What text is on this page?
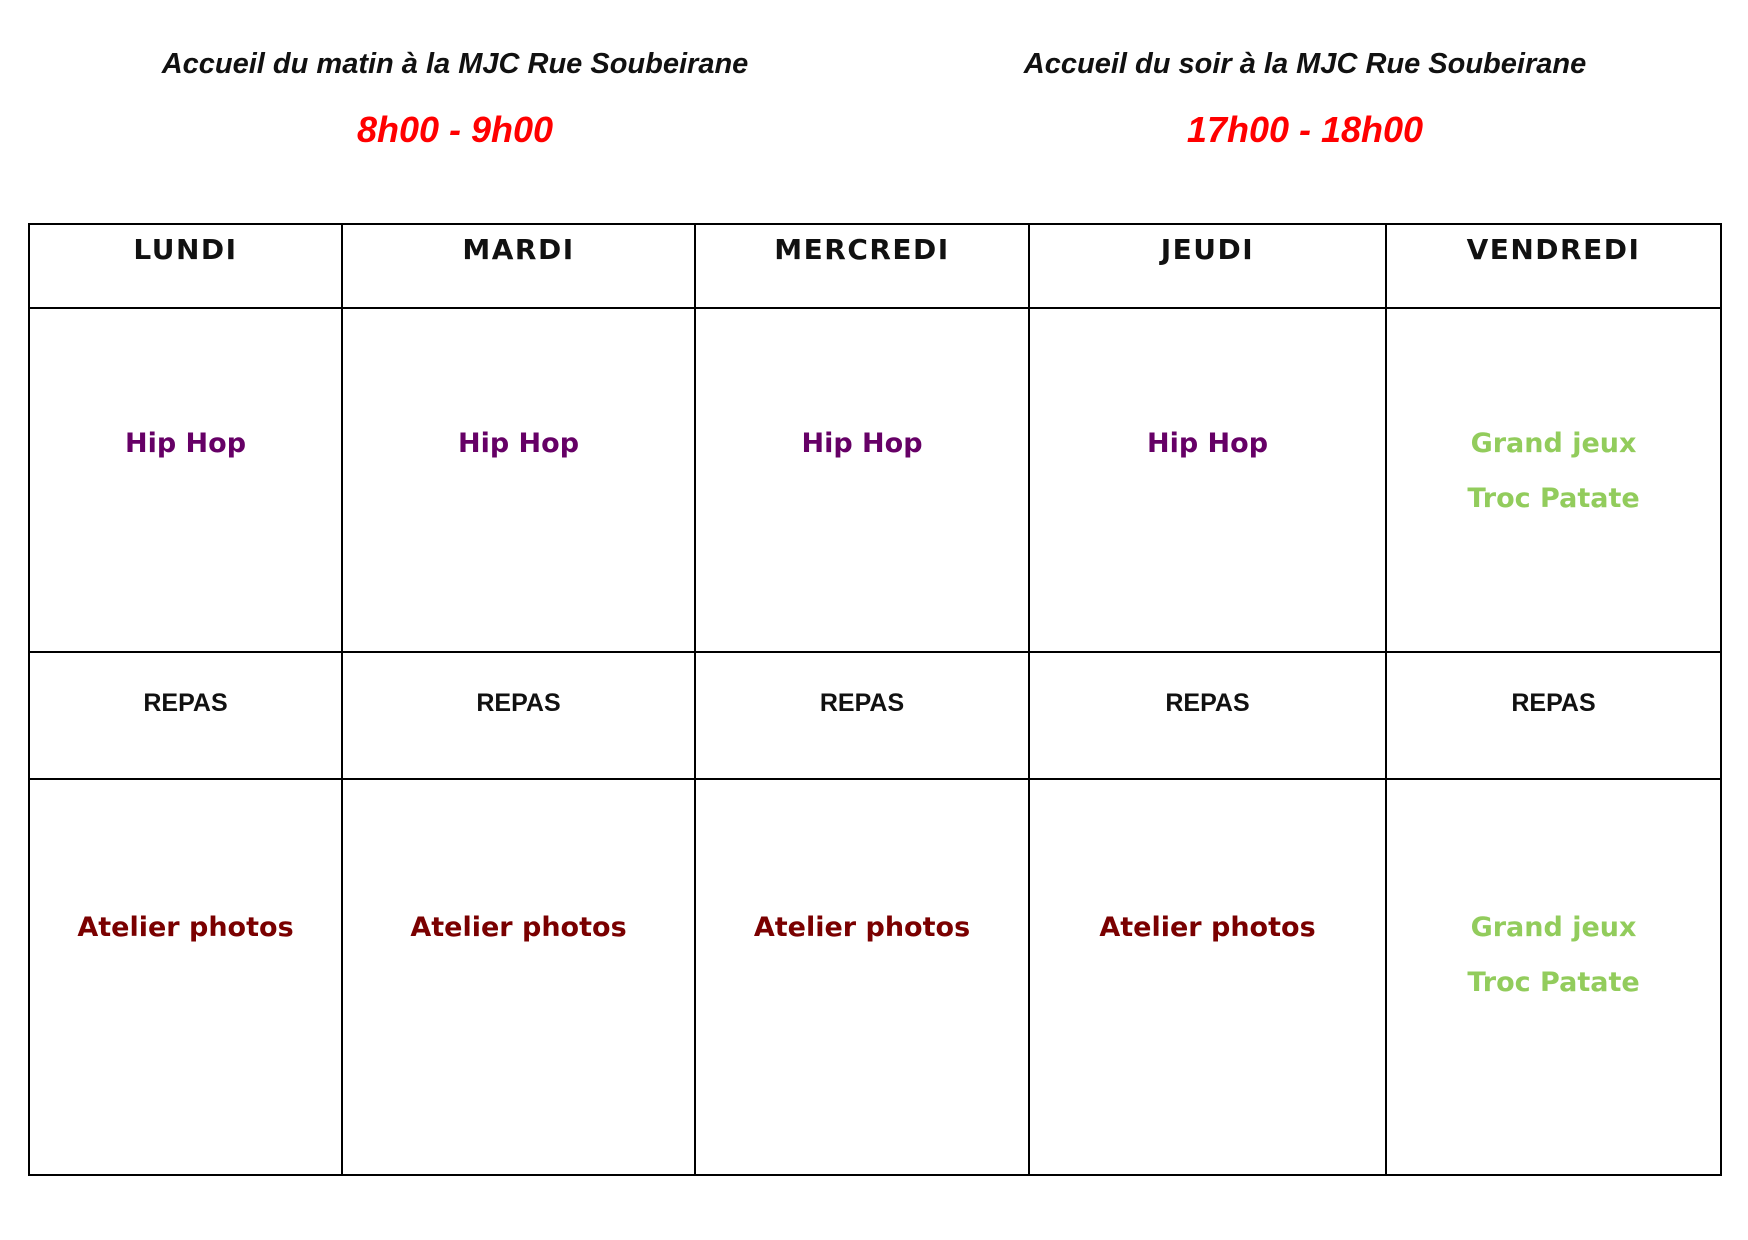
Accueil du matin à la MJC Rue Soubeirane
8h00 - 9h00
Accueil du soir à la MJC Rue Soubeirane
17h00 - 18h00
LUNDI	MARDI	MERCREDI	JEUDI	VENDREDI

Hip Hop	Hip Hop	Hip Hop	Hip Hop	Grand jeux
Troc Patate

REPAS	REPAS	REPAS	REPAS	REPAS

Atelier photos	Atelier photos	Atelier photos	Atelier photos	Grand jeux
Troc Patate
